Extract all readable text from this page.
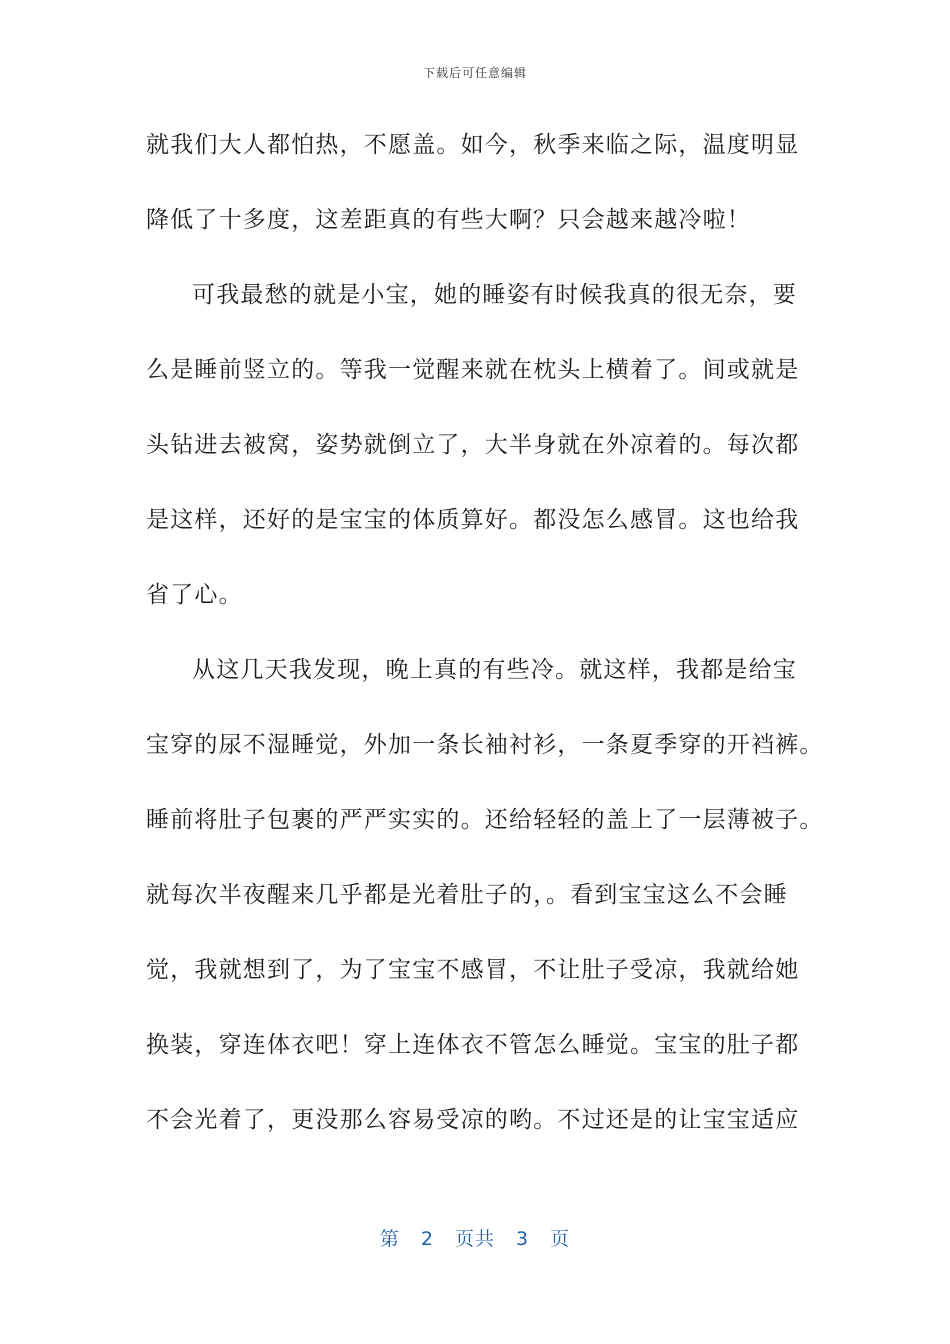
下载后可任意编辑
就我们大人都怕热，不愿盖。如今，秋季来临之际，温度明显
降低了十多度，这差距真的有些大啊？只会越来越冷啦！
可我最愁的就是小宝，她的睡姿有时候我真的很无奈，要
么是睡前竖立的。等我一觉醒来就在枕头上横着了。间或就是
头钻进去被窝，姿势就倒立了，大半身就在外凉着的。每次都
是这样，还好的是宝宝的体质算好。都没怎么感冒。这也给我
省了心。
从这几天我发现，晚上真的有些冷。就这样，我都是给宝
宝穿的尿不湿睡觉，外加一条长袖衬衫，一条夏季穿的开裆裤。
睡前将肚子包裹的严严实实的。还给轻轻的盖上了一层薄被子。
就每次半夜醒来几乎都是光着肚子的，。看到宝宝这么不会睡
觉，我就想到了，为了宝宝不感冒，不让肚子受凉，我就给她
换装，穿连体衣吧！穿上连体衣不管怎么睡觉。宝宝的肚子都
不会光着了，更没那么容易受凉的哟。不过还是的让宝宝适应
第 2 页共 3 页
